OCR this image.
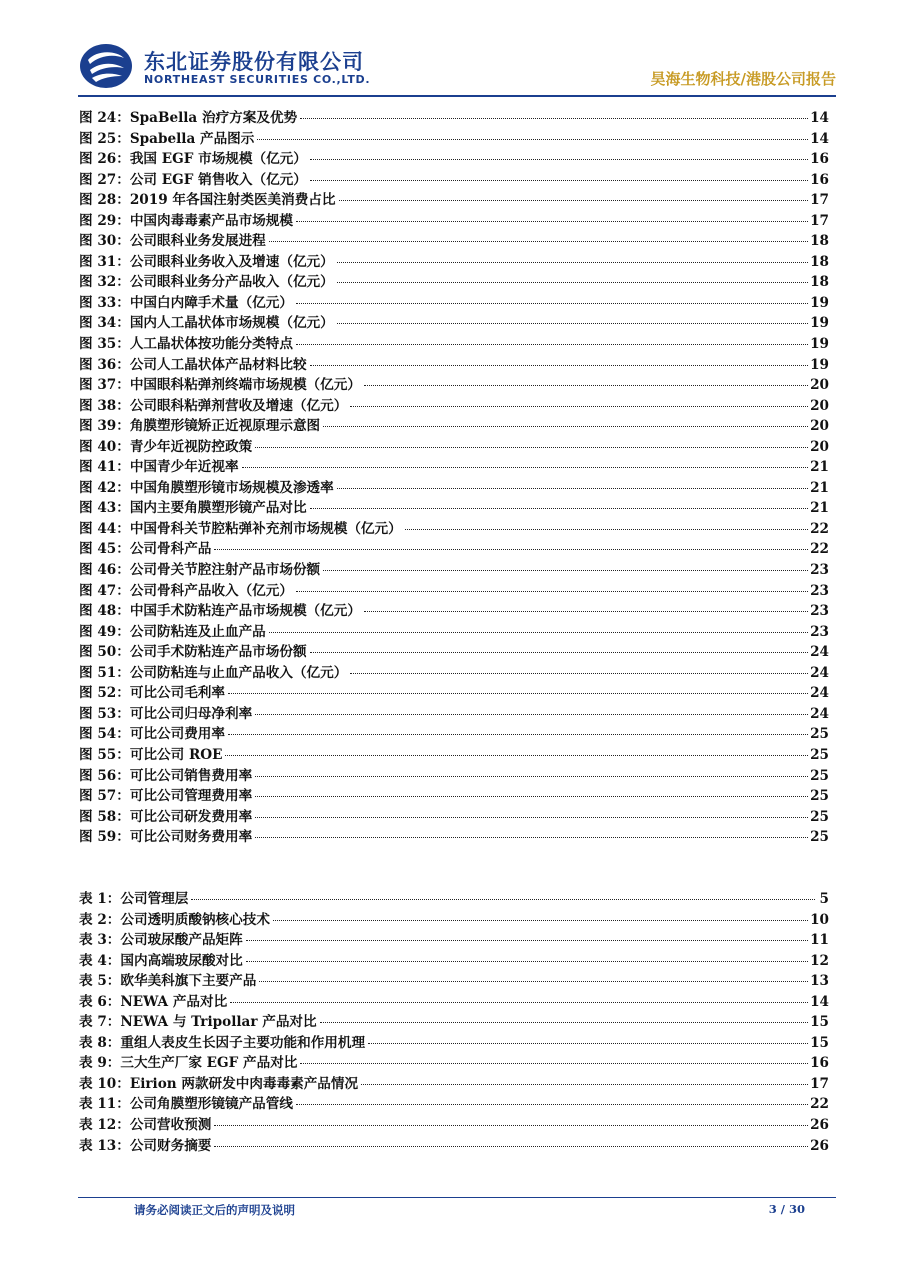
东北证券股份有限公司
NORTHEAST SECURITIES CO.,LTD.	昊海生物科技/港股公司报告
图 24：SpaBella 治疗方案及优势	14
图 25：Spabella 产品图示	14
图 26：我国 EGF 市场规模（亿元）	16
图 27：公司 EGF 销售收入（亿元）	16
图 28：2019 年各国注射类医美消费占比	17
图 29：中国肉毒毒素产品市场规模	17
图 30：公司眼科业务发展进程	18
图 31：公司眼科业务收入及增速（亿元）	18
图 32：公司眼科业务分产品收入（亿元）	18
图 33：中国白内障手术量（亿元）	19
图 34：国内人工晶状体市场规模（亿元）	19
图 35：人工晶状体按功能分类特点	19
图 36：公司人工晶状体产品材料比较	19
图 37：中国眼科粘弹剂终端市场规模（亿元）	20
图 38：公司眼科粘弹剂营收及增速（亿元）	20
图 39：角膜塑形镜矫正近视原理示意图	20
图 40：青少年近视防控政策	20
图 41：中国青少年近视率	21
图 42：中国角膜塑形镜市场规模及渗透率	21
图 43：国内主要角膜塑形镜产品对比	21
图 44：中国骨科关节腔粘弹补充剂市场规模（亿元）	22
图 45：公司骨科产品	22
图 46：公司骨关节腔注射产品市场份额	23
图 47：公司骨科产品收入（亿元）	23
图 48：中国手术防粘连产品市场规模（亿元）	23
图 49：公司防粘连及止血产品	23
图 50：公司手术防粘连产品市场份额	24
图 51：公司防粘连与止血产品收入（亿元）	24
图 52：可比公司毛利率	24
图 53：可比公司归母净利率	24
图 54：可比公司费用率	25
图 55：可比公司 ROE	25
图 56：可比公司销售费用率	25
图 57：可比公司管理费用率	25
图 58：可比公司研发费用率	25
图 59：可比公司财务费用率	25
表 1：公司管理层	5
表 2：公司透明质酸钠核心技术	10
表 3：公司玻尿酸产品矩阵	11
表 4：国内高端玻尿酸对比	12
表 5：欧华美科旗下主要产品	13
表 6：NEWA 产品对比	14
表 7：NEWA 与 Tripollar 产品对比	15
表 8：重组人表皮生长因子主要功能和作用机理	15
表 9：三大生产厂家 EGF 产品对比	16
表 10：Eirion 两款研发中肉毒毒素产品情况	17
表 11：公司角膜塑形镜镜产品管线	22
表 12：公司营收预测	26
表 13：公司财务摘要	26
请务必阅读正文后的声明及说明	3 / 30
